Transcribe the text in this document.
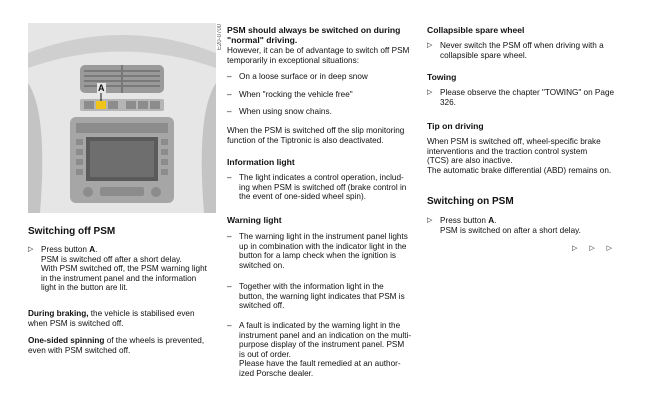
A
E20-0700

Switching off PSM

▷ Press button A.

PSM is switched off after a short delay.

With PSM switched off, the PSM warning light

in the instrument panel and the information

light in the button are lit.

During braking, the vehicle is stabilised even

when PSM is switched off.

One-sided spinning of the wheels is prevented,

even with PSM switched off.

PSM should always be switched on during

"normal" driving.

However, it can be of advantage to switch off PSM

temporarily in exceptional situations:

– On a loose surface or in deep snow

– When "rocking the vehicle free"

– When using snow chains.

When the PSM is switched off the slip monitoring

function of the Tiptronic is also deactivated.

Information light

– The light indicates a control operation, includ-

ing when PSM is switched off (brake control in

the event of one-sided wheel spin).

Warning light

– The warning light in the instrument panel lights

up in combination with the indicator light in the

button for a lamp check when the ignition is

switched on.

– Together with the information light in the

button, the warning light indicates that PSM is

switched off.

– A fault is indicated by the warning light in the

instrument panel and an indication on the multi-

purpose display of the instrument panel. PSM

is out of order.

Please have the fault remedied at an author-

ized Porsche dealer.

Collapsible spare wheel

▷ Never switch the PSM off when driving with a

collapsible spare wheel.

Towing

▷ Please observe the chapter "TOWING" on Page

326.

Tip on driving

When PSM is switched off, wheel-specific brake

interventions and the traction control system

(TCS) are also inactive.

The automatic brake differential (ABD) remains on.

Switching on PSM

▷ Press button A.

PSM is switched on after a short delay.

▷ ▷ ▷
